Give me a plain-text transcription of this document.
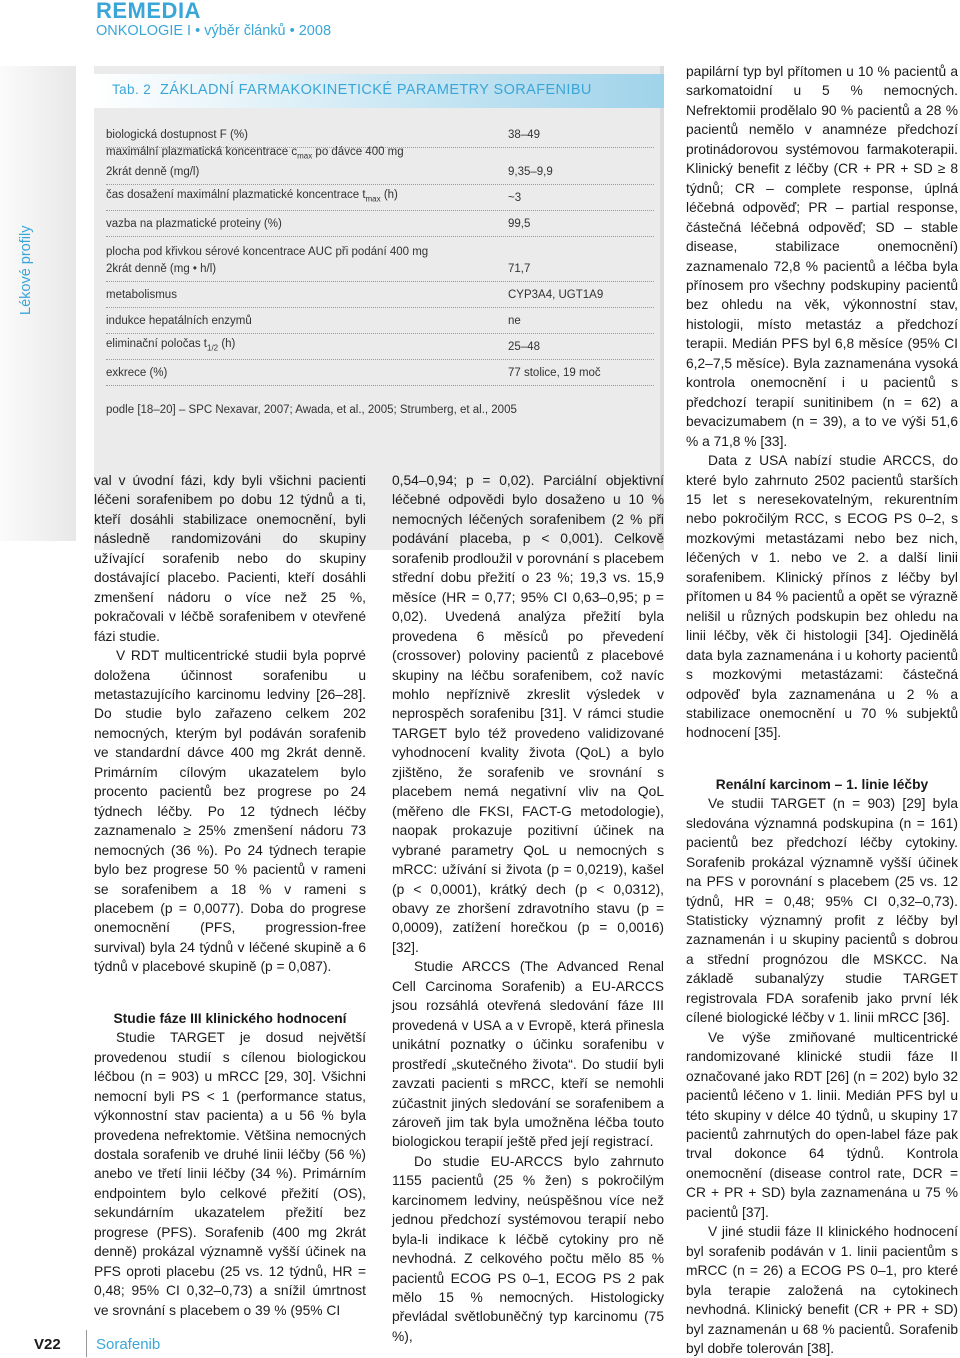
REMEDIA
ONKOLOGIE I • výběr článků • 2008
Lékové profily
Tab. 2 ZÁKLADNÍ FARMAKOKINETICKÉ PARAMETRY SORAFENIBU
biologická dostupnost F (%)	38–49
maximální plazmatická koncentrace $c_{max}$ po dávce 400 mg
2krát denně (mg/l)	9,35–9,9
čas dosažení maximální plazmatické koncentrace $t_{max}$ (h)	~3
vazba na plazmatické proteiny (%)	99,5
plocha pod křivkou sérové koncentrace AUC při podání 400 mg
2krát denně (mg • h/l)	71,7
metabolismus	CYP3A4, UGT1A9
indukce hepatálních enzymů	ne
eliminační poločas $t_{1/2}$ (h)	25–48
exkrece (%)	77 stolice, 19 moč
podle [18–20] – SPC Nexavar, 2007; Awada, et al., 2005; Strumberg, et al., 2005

val v úvodní fázi, kdy byli všichni pacienti léčeni sorafenibem po dobu 12 týdnů a ti, kteří dosáhli stabilizace onemocnění, byli následně randomizováni do skupiny užívající sorafenib nebo do skupiny dostávající placebo. Pacienti, kteří dosáhli zmenšení nádoru o více než 25 %, pokračovali v léčbě sorafenibem v otevřené fázi studie.

V RDT multicentrické studii byla poprvé doložena účinnost sorafenibu u metastazujícího karcinomu ledviny [26–28]. Do studie bylo zařazeno celkem 202 nemocných, kterým byl podáván sorafenib ve standardní dávce 400 mg 2krát denně. Primárním cílovým ukazatelem bylo procento pacientů bez progrese po 24 týdnech léčby. Po 12 týdnech léčby zaznamenalo ≥ 25% zmenšení nádoru 73 nemocných (36 %). Po 24 týdnech terapie bylo bez progrese 50 % pacientů v rameni se sorafenibem a 18 % v rameni s placebem (p = 0,0077). Doba do progrese onemocnění (PFS, progression-free survival) byla 24 týdnů v léčené skupině a 6 týdnů v placebové skupině (p = 0,087).

Studie fáze III klinického hodnocení

Studie TARGET je dosud největší provedenou studií s cílenou biologickou léčbou (n = 903) u mRCC [29, 30]. Všichni nemocní byli PS < 1 (performance status, výkonnostní stav pacienta) a u 56 % byla provedena nefrektomie. Většina nemocných dostala sorafenib ve druhé linii léčby (56 %) anebo ve třetí linii léčby (34 %). Primárním endpointem bylo celkové přežití (OS), sekundárním ukazatelem přežití bez progrese (PFS). Sorafenib (400 mg 2krát denně) prokázal významně vyšší účinek na PFS oproti placebu (25 vs. 12 týdnů, HR = 0,48; 95% CI 0,32–0,73) a snížil úmrtnost ve srovnání s placebem o 39 % (95% CI

0,54–0,94; p = 0,02). Parciální objektivní léčebné odpovědi bylo dosaženo u 10 % nemocných léčených sorafenibem (2 % při podávání placeba, p < 0,001). Celkově sorafenib prodloužil v porovnání s placebem střední dobu přežití o 23 %; 19,3 vs. 15,9 měsíce (HR = 0,77; 95% CI 0,63–0,95; p = 0,02). Uvedená analýza přežití byla provedena 6 měsíců po převedení (crossover) poloviny pacientů z placebové skupiny na léčbu sorafenibem, což navíc mohlo nepříznivě zkreslit výsledek v neprospěch sorafenibu [31]. V rámci studie TARGET bylo též provedeno validizované vyhodnocení kvality života (QoL) a bylo zjištěno, že sorafenib ve srovnání s placebem nemá negativní vliv na QoL (měřeno dle FKSI, FACT-G metodologie), naopak prokazuje pozitivní účinek na vybrané parametry QoL u nemocných s mRCC: užívání si života (p = 0,0219), kašel (p < 0,0001), krátký dech (p < 0,0312), obavy ze zhoršení zdravotního stavu (p = 0,0009), zatížení horečkou (p = 0,0016) [32].

Studie ARCCS (The Advanced Renal Cell Carcinoma Sorafenib) a EU-ARCCS jsou rozsáhlá otevřená sledování fáze III provedená v USA a v Evropě, která přinesla unikátní poznatky o účinku sorafenibu v prostředí „skutečného života“. Do studií byli zavzati pacienti s mRCC, kteří se nemohli zúčastnit jiných sledování se sorafenibem a zároveň jim tak byla umožněna léčba touto biologickou terapií ještě před její registrací.

Do studie EU-ARCCS bylo zahrnuto 1155 pacientů (25 % žen) s pokročilým karcinomem ledviny, neúspěšnou více než jednou předchozí systémovou terapií nebo byla-li indikace k léčbě cytokiny pro ně nevhodná. Z celkového počtu mělo 85 % pacientů ECOG PS 0–1, ECOG PS 2 pak mělo 15 % nemocných. Histologicky převládal světlobuněčný typ karcinomu (75 %),

papilární typ byl přítomen u 10 % pacientů a sarkomatoidní u 5 % nemocných. Nefrektomii prodělalo 90 % pacientů a 28 % pacientů nemělo v anamnéze předchozí protinádorovou systémovou farmakoterapii. Klinický benefit z léčby (CR + PR + SD ≥ 8 týdnů; CR – complete response, úplná léčebná odpověď; PR – partial response, částečná léčebná odpověď; SD – stable disease, stabilizace onemocnění) zaznamenalo 72,8 % pacientů a léčba byla přínosem pro všechny podskupiny pacientů bez ohledu na věk, výkonnostní stav, histologii, místo metastáz a předchozí terapii. Medián PFS byl 6,8 měsíce (95% CI 6,2–7,5 měsíce). Byla zaznamenána vysoká kontrola onemocnění i u pacientů s předchozí terapií sunitinibem (n = 62) a bevacizumabem (n = 39), a to ve výši 51,6 % a 71,8 % [33].

Data z USA nabízí studie ARCCS, do které bylo zahrnuto 2502 pacientů starších 15 let s neresekovatelným, rekurentním nebo pokročilým RCC, s ECOG PS 0–2, s mozkovými metastázami nebo bez nich, léčených v 1. nebo ve 2. a další linii sorafenibem. Klinický přínos z léčby byl přítomen u 84 % pacientů a opět se výrazně nelišil u různých podskupin bez ohledu na linii léčby, věk či histologii [34]. Ojedinělá data byla zaznamenána i u kohorty pacientů s mozkovými metastázami: částečná odpověď byla zaznamenána u 2 % a stabilizace onemocnění u 70 % subjektů hodnocení [35].

Renální karcinom – 1. linie léčby

Ve studii TARGET (n = 903) [29] byla sledována významná podskupina (n = 161) pacientů bez předchozí léčby cytokiny. Sorafenib prokázal významně vyšší účinek na PFS v porovnání s placebem (25 vs. 12 týdnů, HR = 0,48; 95% CI 0,32–0,73). Statisticky významný profit z léčby byl zaznamenán i u skupiny pacientů s dobrou a střední prognózou dle MSKCC. Na základě subanalýzy studie TARGET registrovala FDA sorafenib jako první lék cílené biologické léčby v 1. linii mRCC [36].

Ve výše zmiňované multicentrické randomizované klinické studii fáze II označované jako RDT [26] (n = 202) bylo 32 pacientů léčeno v 1. linii. Medián PFS byl u této skupiny v délce 40 týdnů, u skupiny 17 pacientů zahrnutých do open-label fáze pak trval dokonce 64 týdnů. Kontrola onemocnění (disease control rate, DCR = CR + PR + SD) byla zaznamenána u 75 % pacientů [37].

V jiné studii fáze II klinického hodnocení byl sorafenib podáván v 1. linii pacientům s mRCC (n = 26) a ECOG PS 0–1, pro které byla terapie založená na cytokinech nevhodná. Klinický benefit (CR + PR + SD) byl zaznamenán u 68 % pacientů. Sorafenib byl dobře tolerován [38].

V22 Sorafenib
